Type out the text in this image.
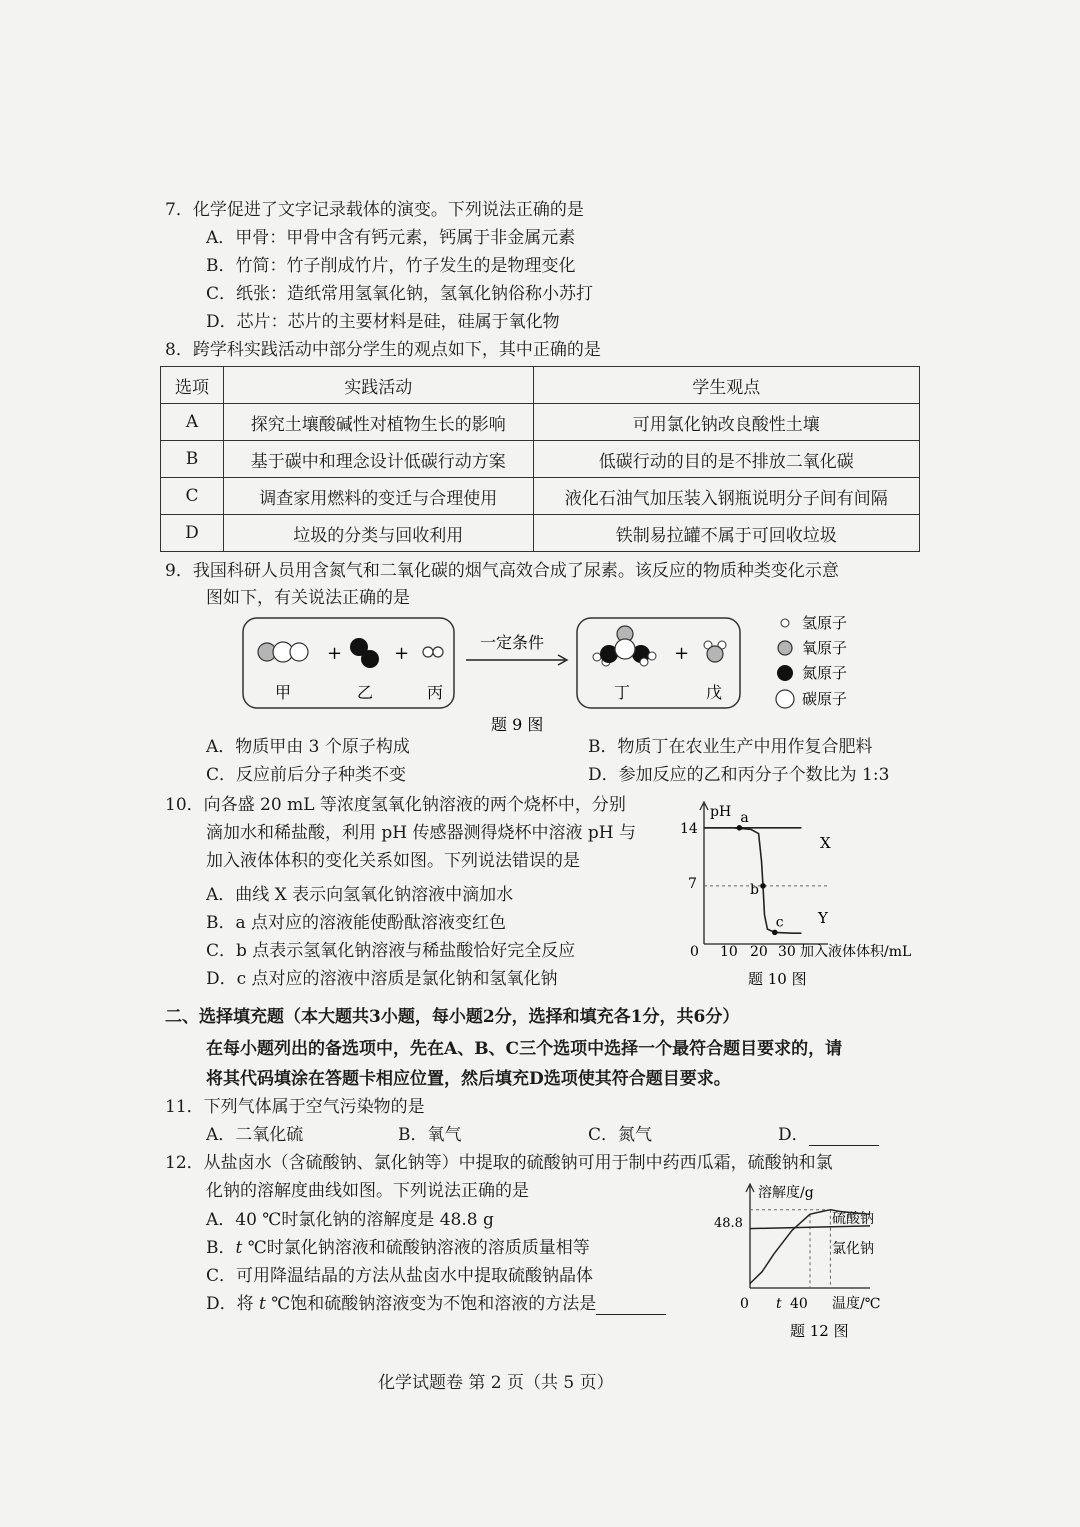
7．化学促进了文字记录载体的演变。下列说法正确的是
A．甲骨：甲骨中含有钙元素，钙属于非金属元素
B．竹简：竹子削成竹片，竹子发生的是物理变化
C．纸张：造纸常用氢氧化钠，氢氧化钠俗称小苏打
D．芯片：芯片的主要材料是硅，硅属于氧化物
8．跨学科实践活动中部分学生的观点如下，其中正确的是
选项	实践活动	学生观点
A	探究土壤酸碱性对植物生长的影响	可用氯化钠改良酸性土壤
B	基于碳中和理念设计低碳行动方案	低碳行动的目的是不排放二氧化碳
C	调查家用燃料的变迁与合理使用	液化石油气加压装入钢瓶说明分子间有间隔
D	垃圾的分类与回收利用	铁制易拉罐不属于可回收垃圾
9．我国科研人员用含氮气和二氧化碳的烟气高效合成了尿素。该反应的物质种类变化示意
图如下，有关说法正确的是
+	+
甲	乙	丙
一定条件
+
丁	戊
氢原子
氧原子
氮原子
碳原子
题 9 图
A．物质甲由 3 个原子构成	B．物质丁在农业生产中用作复合肥料
C．反应前后分子种类不变	D．参加反应的乙和丙分子个数比为 1:3
10．向各盛 20 mL 等浓度氢氧化钠溶液的两个烧杯中，分别
滴加水和稀盐酸，利用 pH 传感器测得烧杯中溶液 pH 与
加入液体体积的变化关系如图。下列说法错误的是
A．曲线 X 表示向氢氧化钠溶液中滴加水
B．a 点对应的溶液能使酚酞溶液变红色
C．b 点表示氢氧化钠溶液与稀盐酸恰好完全反应
D．c 点对应的溶液中溶质是氯化钠和氢氧化钠
pH
14
7
0 10 20 30 加入液体体积/mL
X
Y
a
b
c
题 10 图
二、选择填充题（本大题共3小题，每小题2分，选择和填充各1分，共6分）
在每小题列出的备选项中，先在A、B、C三个选项中选择一个最符合题目要求的，请
将其代码填涂在答题卡相应位置，然后填充D选项使其符合题目要求。
11．下列气体属于空气污染物的是
A．二氧化硫	B．氧气	C．氮气	D．
12．从盐卤水（含硫酸钠、氯化钠等）中提取的硫酸钠可用于制中药西瓜霜，硫酸钠和氯
化钠的溶解度曲线如图。下列说法正确的是
A．40 ℃时氯化钠的溶解度是 48.8 g
B．t ℃时氯化钠溶液和硫酸钠溶液的溶质质量相等
C．可用降温结晶的方法从盐卤水中提取硫酸钠晶体
D．将 t ℃饱和硫酸钠溶液变为不饱和溶液的方法是
溶解度/g
48.8
0 t 40 温度/℃
硫酸钠
氯化钠
题 12 图
化学试题卷 第 2 页（共 5 页）
